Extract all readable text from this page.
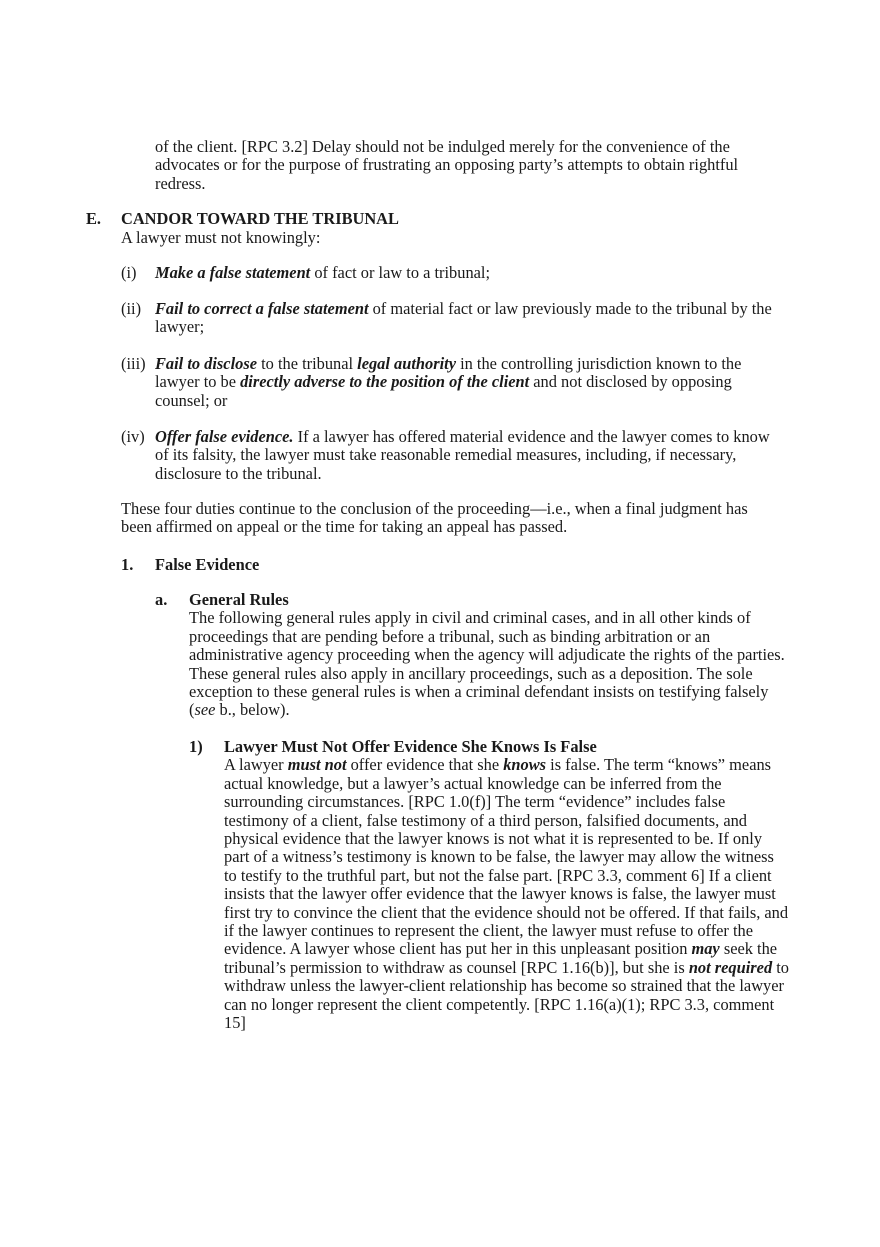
of the client. [RPC 3.2] Delay should not be indulged merely for the convenience of the advocates or for the purpose of frustrating an opposing party’s attempts to obtain rightful redress.

E. CANDOR TOWARD THE TRIBUNAL

A lawyer must not knowingly:

(i) Make a false statement of fact or law to a tribunal;
(ii) Fail to correct a false statement of material fact or law previously made to the tribunal by the lawyer;
(iii) Fail to disclose to the tribunal legal authority in the controlling jurisdiction known to the lawyer to be directly adverse to the position of the client and not disclosed by opposing counsel; or
(iv) Offer false evidence. If a lawyer has offered material evidence and the lawyer comes to know of its falsity, the lawyer must take reasonable remedial measures, including, if necessary, disclosure to the tribunal.

These four duties continue to the conclusion of the proceeding—i.e., when a final judgment has been affirmed on appeal or the time for taking an appeal has passed.

1. False Evidence
a. General Rules
The following general rules apply in civil and criminal cases, and in all other kinds of proceedings that are pending before a tribunal, such as binding arbitration or an administrative agency proceeding when the agency will adjudicate the rights of the parties. These general rules also apply in ancillary proceedings, such as a deposition. The sole exception to these general rules is when a criminal defendant insists on testifying falsely (see b., below).
1) Lawyer Must Not Offer Evidence She Knows Is False
A lawyer must not offer evidence that she knows is false. The term “knows” means actual knowledge, but a lawyer’s actual knowledge can be inferred from the surrounding circumstances. [RPC 1.0(f)] The term “evidence” includes false testimony of a client, false testimony of a third person, falsified documents, and physical evidence that the lawyer knows is not what it is represented to be. If only part of a witness’s testimony is known to be false, the lawyer may allow the witness to testify to the truthful part, but not the false part. [RPC 3.3, comment 6] If a client insists that the lawyer offer evidence that the lawyer knows is false, the lawyer must first try to convince the client that the evidence should not be offered. If that fails, and if the lawyer continues to represent the client, the lawyer must refuse to offer the evidence. A lawyer whose client has put her in this unpleasant position may seek the tribunal’s permission to withdraw as counsel [RPC 1.16(b)], but she is not required to withdraw unless the lawyer-client relationship has become so strained that the lawyer can no longer represent the client competently. [RPC 1.16(a)(1); RPC 3.3, comment 15]
